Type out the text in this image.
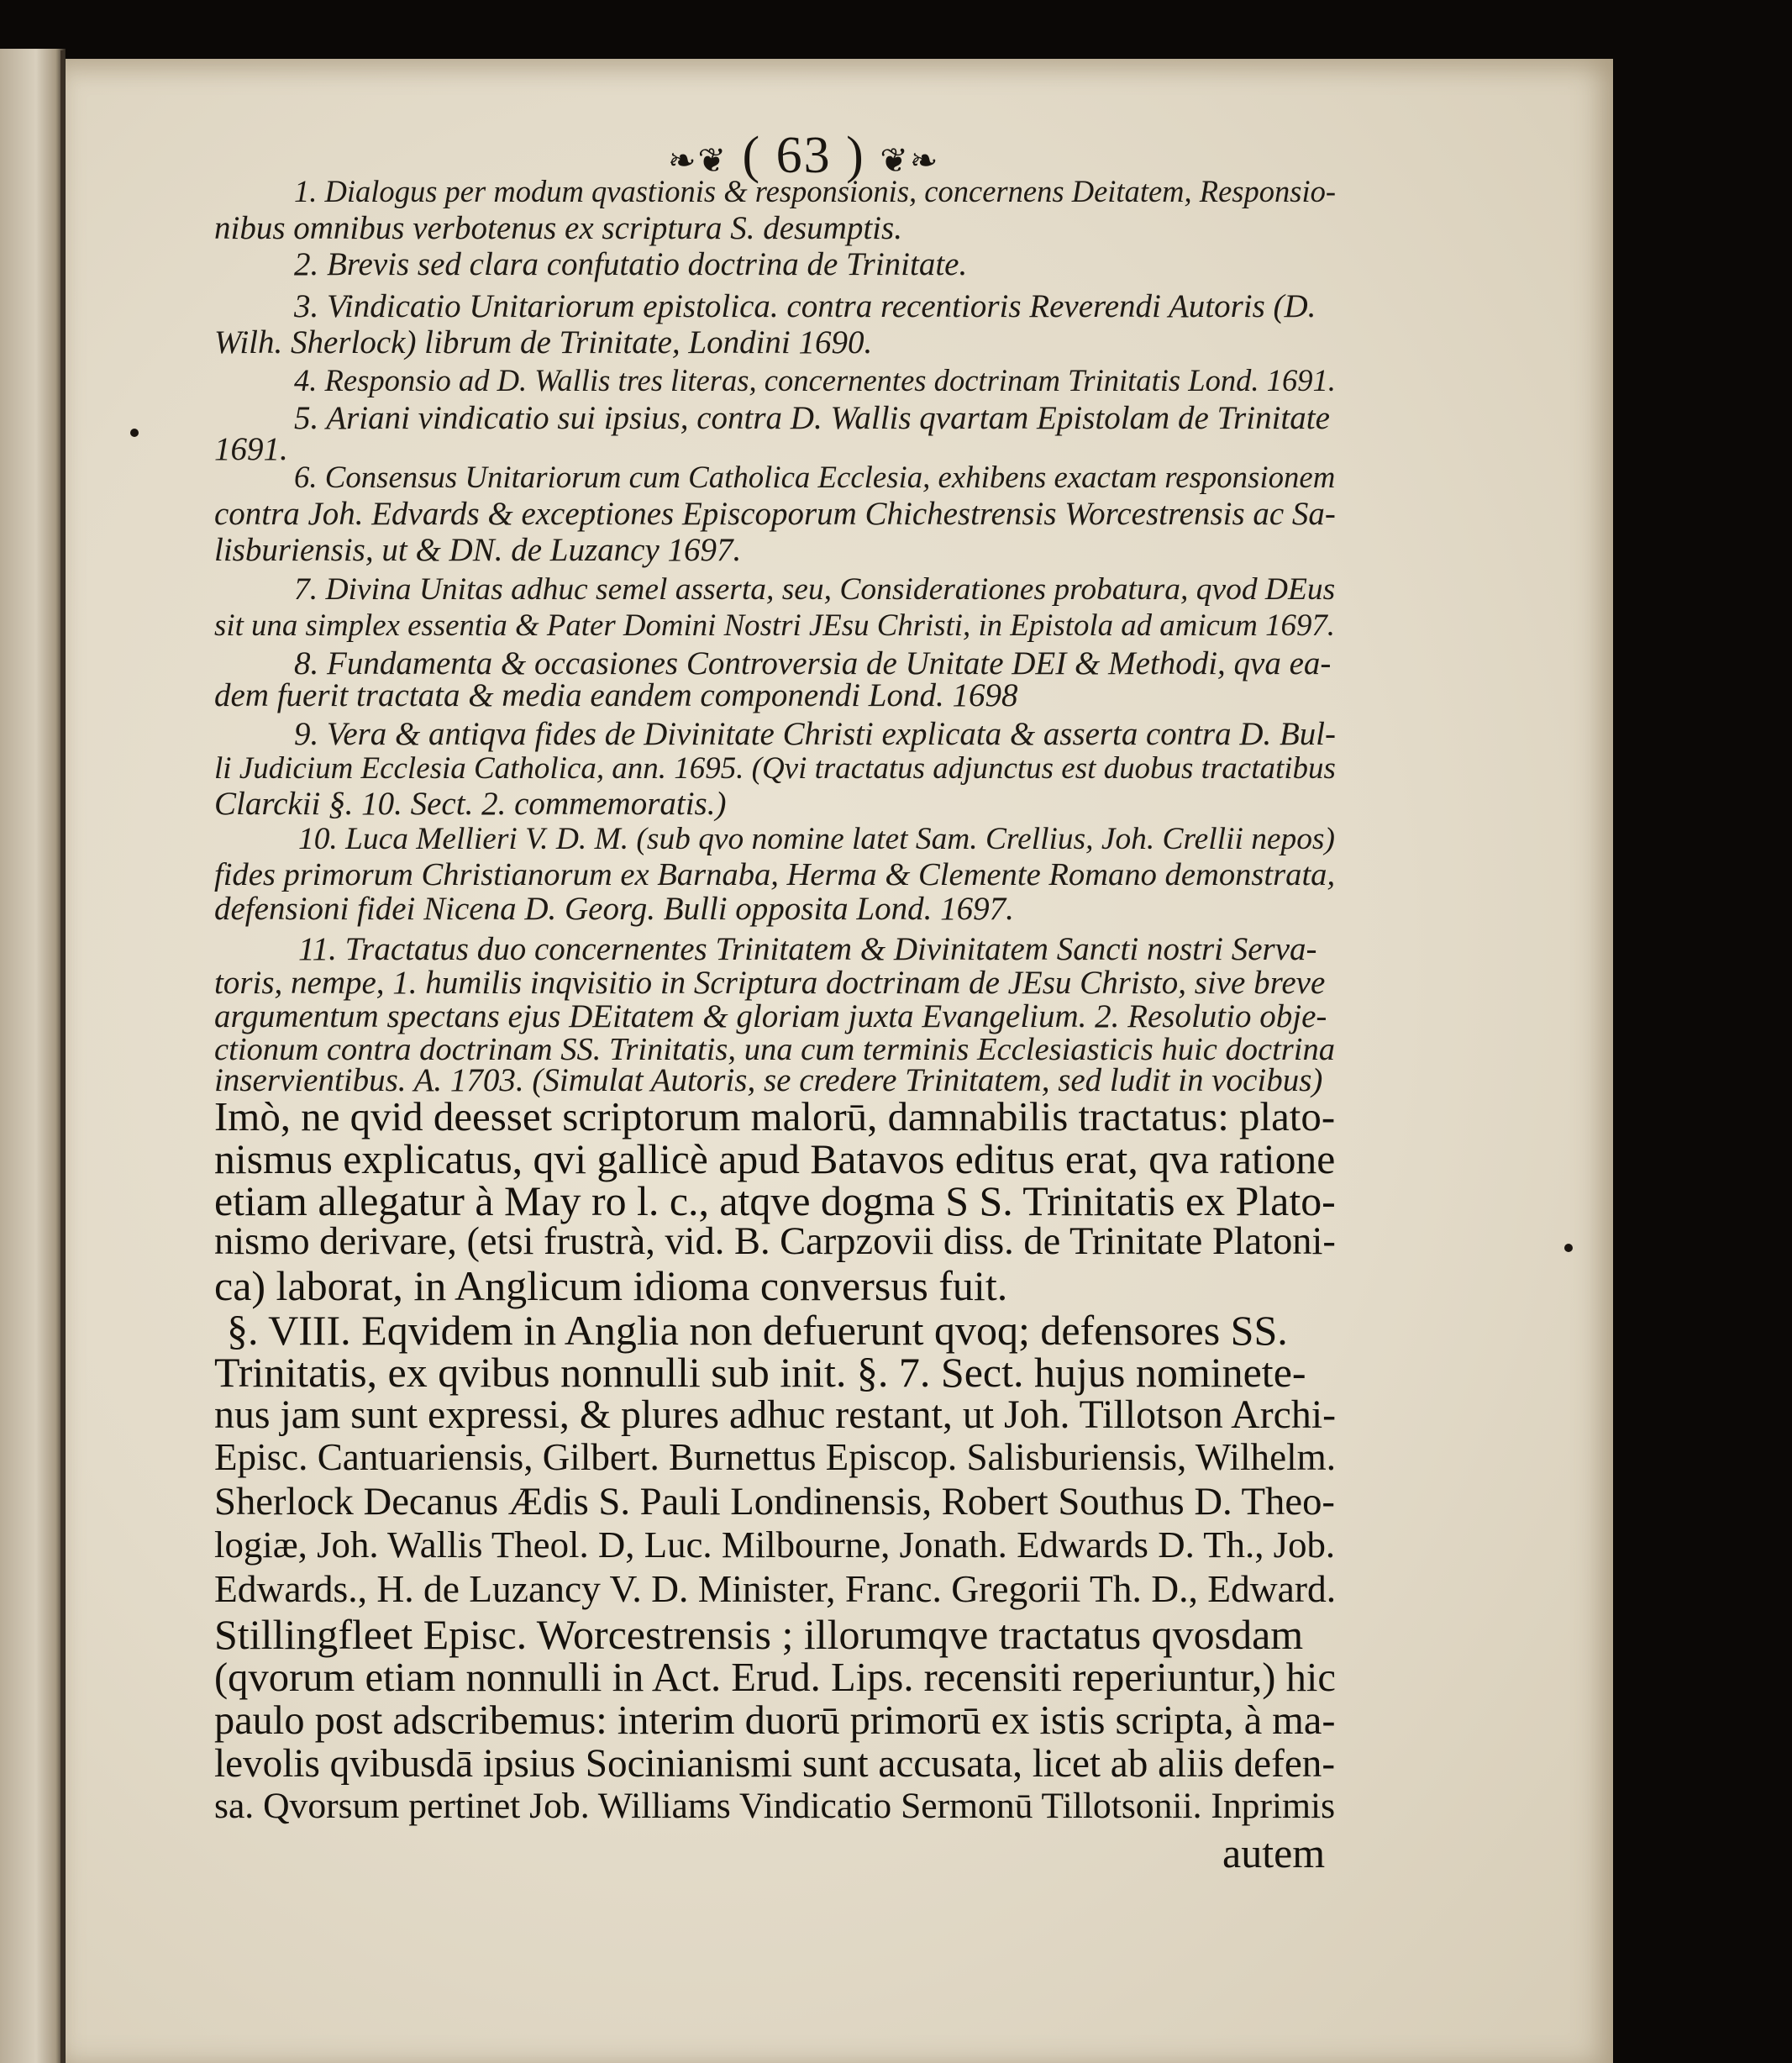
❧❦ ( 63 ) ❦❧
1. Dialogus per modum qvastionis & responsionis, concernens Deitatem, Responsio-
nibus omnibus verbotenus ex scriptura S. desumptis.
2. Brevis sed clara confutatio doctrina de Trinitate.
3. Vindicatio Unitariorum epistolica. contra recentioris Reverendi Autoris (D.
Wilh. Sherlock) librum de Trinitate, Londini 1690.
4. Responsio ad D. Wallis tres literas, concernentes doctrinam Trinitatis Lond. 1691.
5. Ariani vindicatio sui ipsius, contra D. Wallis qvartam Epistolam de Trinitate
1691.
6. Consensus Unitariorum cum Catholica Ecclesia, exhibens exactam responsionem
contra Joh. Edvards & exceptiones Episcoporum Chichestrensis Worcestrensis ac Sa-
lisburiensis, ut & DN. de Luzancy 1697.
7. Divina Unitas adhuc semel asserta, seu, Considerationes probatura, qvod DEus
sit una simplex essentia & Pater Domini Nostri JEsu Christi, in Epistola ad amicum 1697.
8. Fundamenta & occasiones Controversia de Unitate DEI & Methodi, qva ea-
dem fuerit tractata & media eandem componendi Lond. 1698
9. Vera & antiqva fides de Divinitate Christi explicata & asserta contra D. Bul-
li Judicium Ecclesia Catholica, ann. 1695. (Qvi tractatus adjunctus est duobus tractatibus
Clarckii §. 10. Sect. 2. commemoratis.)
10. Luca Mellieri V. D. M. (sub qvo nomine latet Sam. Crellius, Joh. Crellii nepos)
fides primorum Christianorum ex Barnaba, Herma & Clemente Romano demonstrata,
defensioni fidei Nicena D. Georg. Bulli opposita Lond. 1697.
11. Tractatus duo concernentes Trinitatem & Divinitatem Sancti nostri Serva-
toris, nempe, 1. humilis inqvisitio in Scriptura doctrinam de JEsu Christo, sive breve
argumentum spectans ejus DEitatem & gloriam juxta Evangelium. 2. Resolutio obje-
ctionum contra doctrinam SS. Trinitatis, una cum terminis Ecclesiasticis huic doctrina
inservientibus. A. 1703. (Simulat Autoris, se credere Trinitatem, sed ludit in vocibus)
Imò, ne qvid deesset scriptorum malorū, damnabilis tractatus: plato-
nismus explicatus, qvi gallicè apud Batavos editus erat, qva ratione
etiam allegatur à May ro l. c., atqve dogma S S. Trinitatis ex Plato-
nismo derivare, (etsi frustrà, vid. B. Carpzovii diss. de Trinitate Platoni-
ca) laborat, in Anglicum idioma conversus fuit.
§. VIII. Eqvidem in Anglia non defuerunt qvoq; defensores SS.
Trinitatis, ex qvibus nonnulli sub init. §. 7. Sect. hujus nominete-
nus jam sunt expressi, & plures adhuc restant, ut Joh. Tillotson Archi-
Episc. Cantuariensis, Gilbert. Burnettus Episcop. Salisburiensis, Wilhelm.
Sherlock Decanus Ædis S. Pauli Londinensis, Robert Southus D. Theo-
logiæ, Joh. Wallis Theol. D, Luc. Milbourne, Jonath. Edwards D. Th., Job.
Edwards., H. de Luzancy V. D. Minister, Franc. Gregorii Th. D., Edward.
Stillingfleet Episc. Worcestrensis ; illorumqve tractatus qvosdam
(qvorum etiam nonnulli in Act. Erud. Lips. recensiti reperiuntur,) hic
paulo post adscribemus: interim duorū primorū ex istis scripta, à ma-
levolis qvibusdā ipsius Socinianismi sunt accusata, licet ab aliis defen-
sa. Qvorsum pertinet Job. Williams Vindicatio Sermonū Tillotsonii. Inprimis
autem
